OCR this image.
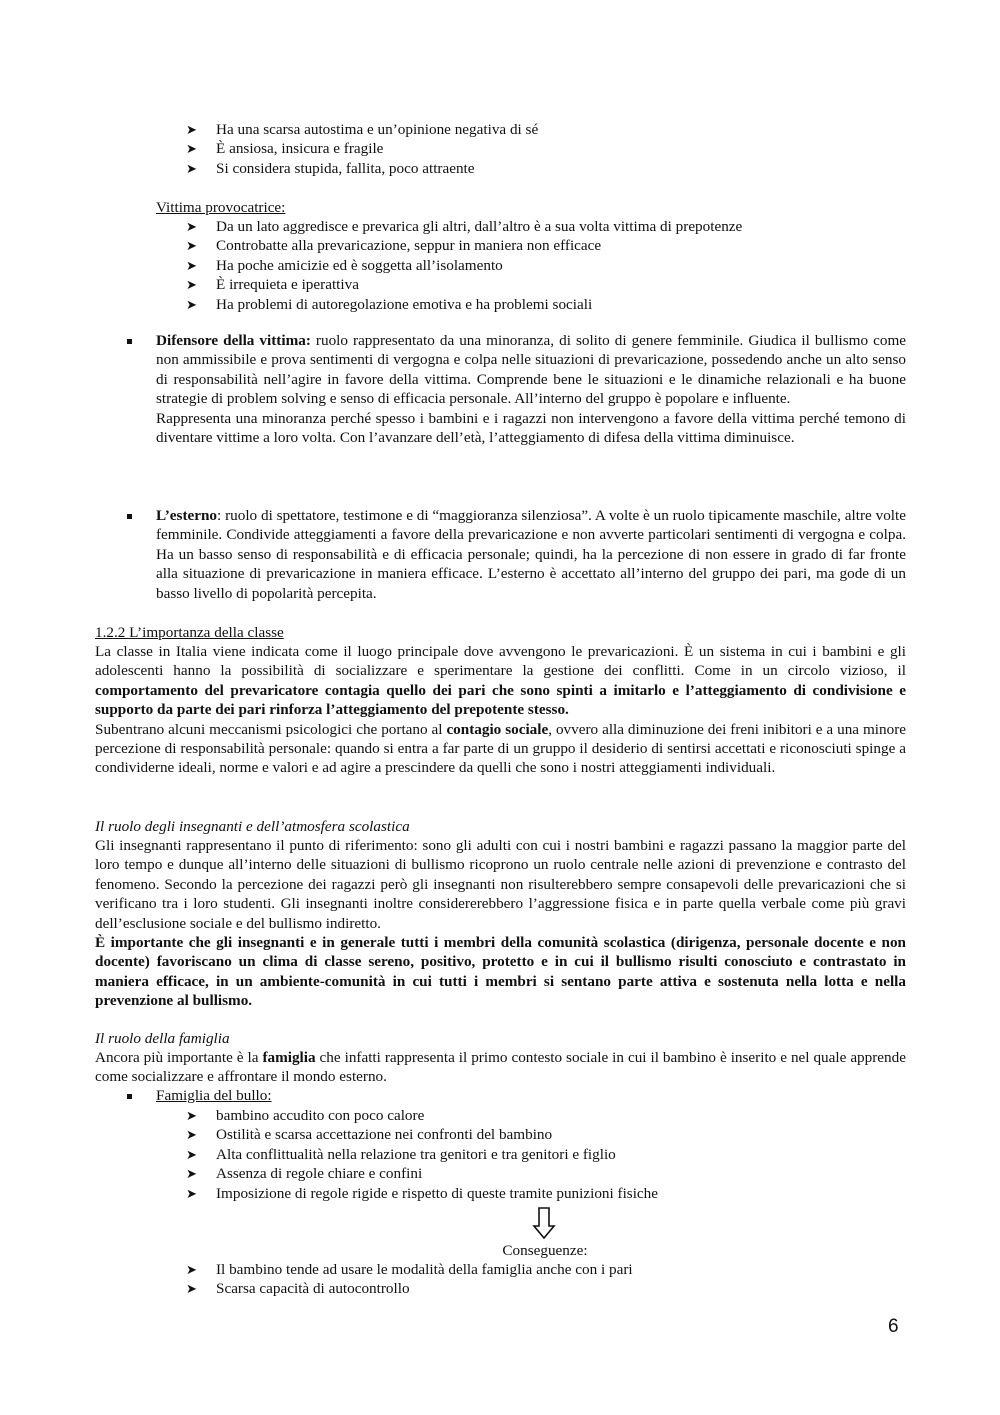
➤ Ha una scarsa autostima e un’opinione negativa di sé
➤ È ansiosa, insicura e fragile
➤ Si considera stupida, fallita, poco attraente
Vittima provocatrice:
➤ Da un lato aggredisce e prevarica gli altri, dall’altro è a sua volta vittima di prepotenze
➤ Controbatte alla prevaricazione, seppur in maniera non efficace
➤ Ha poche amicizie ed è soggetta all’isolamento
➤ È irrequieta e iperattiva
➤ Ha problemi di autoregolazione emotiva e ha problemi sociali
Difensore della vittima: ruolo rappresentato da una minoranza, di solito di genere femminile. Giudica il bullismo come non ammissibile e prova sentimenti di vergogna e colpa nelle situazioni di prevaricazione, possedendo anche un alto senso di responsabilità nell’agire in favore della vittima. Comprende bene le situazioni e le dinamiche relazionali e ha buone strategie di problem solving e senso di efficacia personale. All’interno del gruppo è popolare e influente.
Rappresenta una minoranza perché spesso i bambini e i ragazzi non intervengono a favore della vittima perché temono di diventare vittime a loro volta. Con l’avanzare dell’età, l’atteggiamento di difesa della vittima diminuisce.
L’esterno: ruolo di spettatore, testimone e di “maggioranza silenziosa”. A volte è un ruolo tipicamente maschile, altre volte femminile. Condivide atteggiamenti a favore della prevaricazione e non avverte particolari sentimenti di vergogna e colpa. Ha un basso senso di responsabilità e di efficacia personale; quindi, ha la percezione di non essere in grado di far fronte alla situazione di prevaricazione in maniera efficace. L’esterno è accettato all’interno del gruppo dei pari, ma gode di un basso livello di popolarità percepita.
1.2.2 L’importanza della classe
La classe in Italia viene indicata come il luogo principale dove avvengono le prevaricazioni. È un sistema in cui i bambini e gli adolescenti hanno la possibilità di socializzare e sperimentare la gestione dei conflitti. Come in un circolo vizioso, il comportamento del prevaricatore contagia quello dei pari che sono spinti a imitarlo e l’atteggiamento di condivisione e supporto da parte dei pari rinforza l’atteggiamento del prepotente stesso.
Subentrano alcuni meccanismi psicologici che portano al contagio sociale, ovvero alla diminuzione dei freni inibitori e a una minore percezione di responsabilità personale: quando si entra a far parte di un gruppo il desiderio di sentirsi accettati e riconosciuti spinge a condividerne ideali, norme e valori e ad agire a prescindere da quelli che sono i nostri atteggiamenti individuali.
Il ruolo degli insegnanti e dell’atmosfera scolastica
Gli insegnanti rappresentano il punto di riferimento: sono gli adulti con cui i nostri bambini e ragazzi passano la maggior parte del loro tempo e dunque all’interno delle situazioni di bullismo ricoprono un ruolo centrale nelle azioni di prevenzione e contrasto del fenomeno. Secondo la percezione dei ragazzi però gli insegnanti non risulterebbero sempre consapevoli delle prevaricazioni che si verificano tra i loro studenti. Gli insegnanti inoltre considererebbero l’aggressione fisica e in parte quella verbale come più gravi dell’esclusione sociale e del bullismo indiretto.
È importante che gli insegnanti e in generale tutti i membri della comunità scolastica (dirigenza, personale docente e non docente) favoriscano un clima di classe sereno, positivo, protetto e in cui il bullismo risulti conosciuto e contrastato in maniera efficace, in un ambiente-comunità in cui tutti i membri si sentano parte attiva e sostenuta nella lotta e nella prevenzione al bullismo.
Il ruolo della famiglia
Ancora più importante è la famiglia che infatti rappresenta il primo contesto sociale in cui il bambino è inserito e nel quale apprende come socializzare e affrontare il mondo esterno.
Famiglia del bullo:
➤ bambino accudito con poco calore
➤ Ostilità e scarsa accettazione nei confronti del bambino
➤ Alta conflittualità nella relazione tra genitori e tra genitori e figlio
➤ Assenza di regole chiare e confini
➤ Imposizione di regole rigide e rispetto di queste tramite punizioni fisiche
Conseguenze:
➤ Il bambino tende ad usare le modalità della famiglia anche con i pari
➤ Scarsa capacità di autocontrollo
6
